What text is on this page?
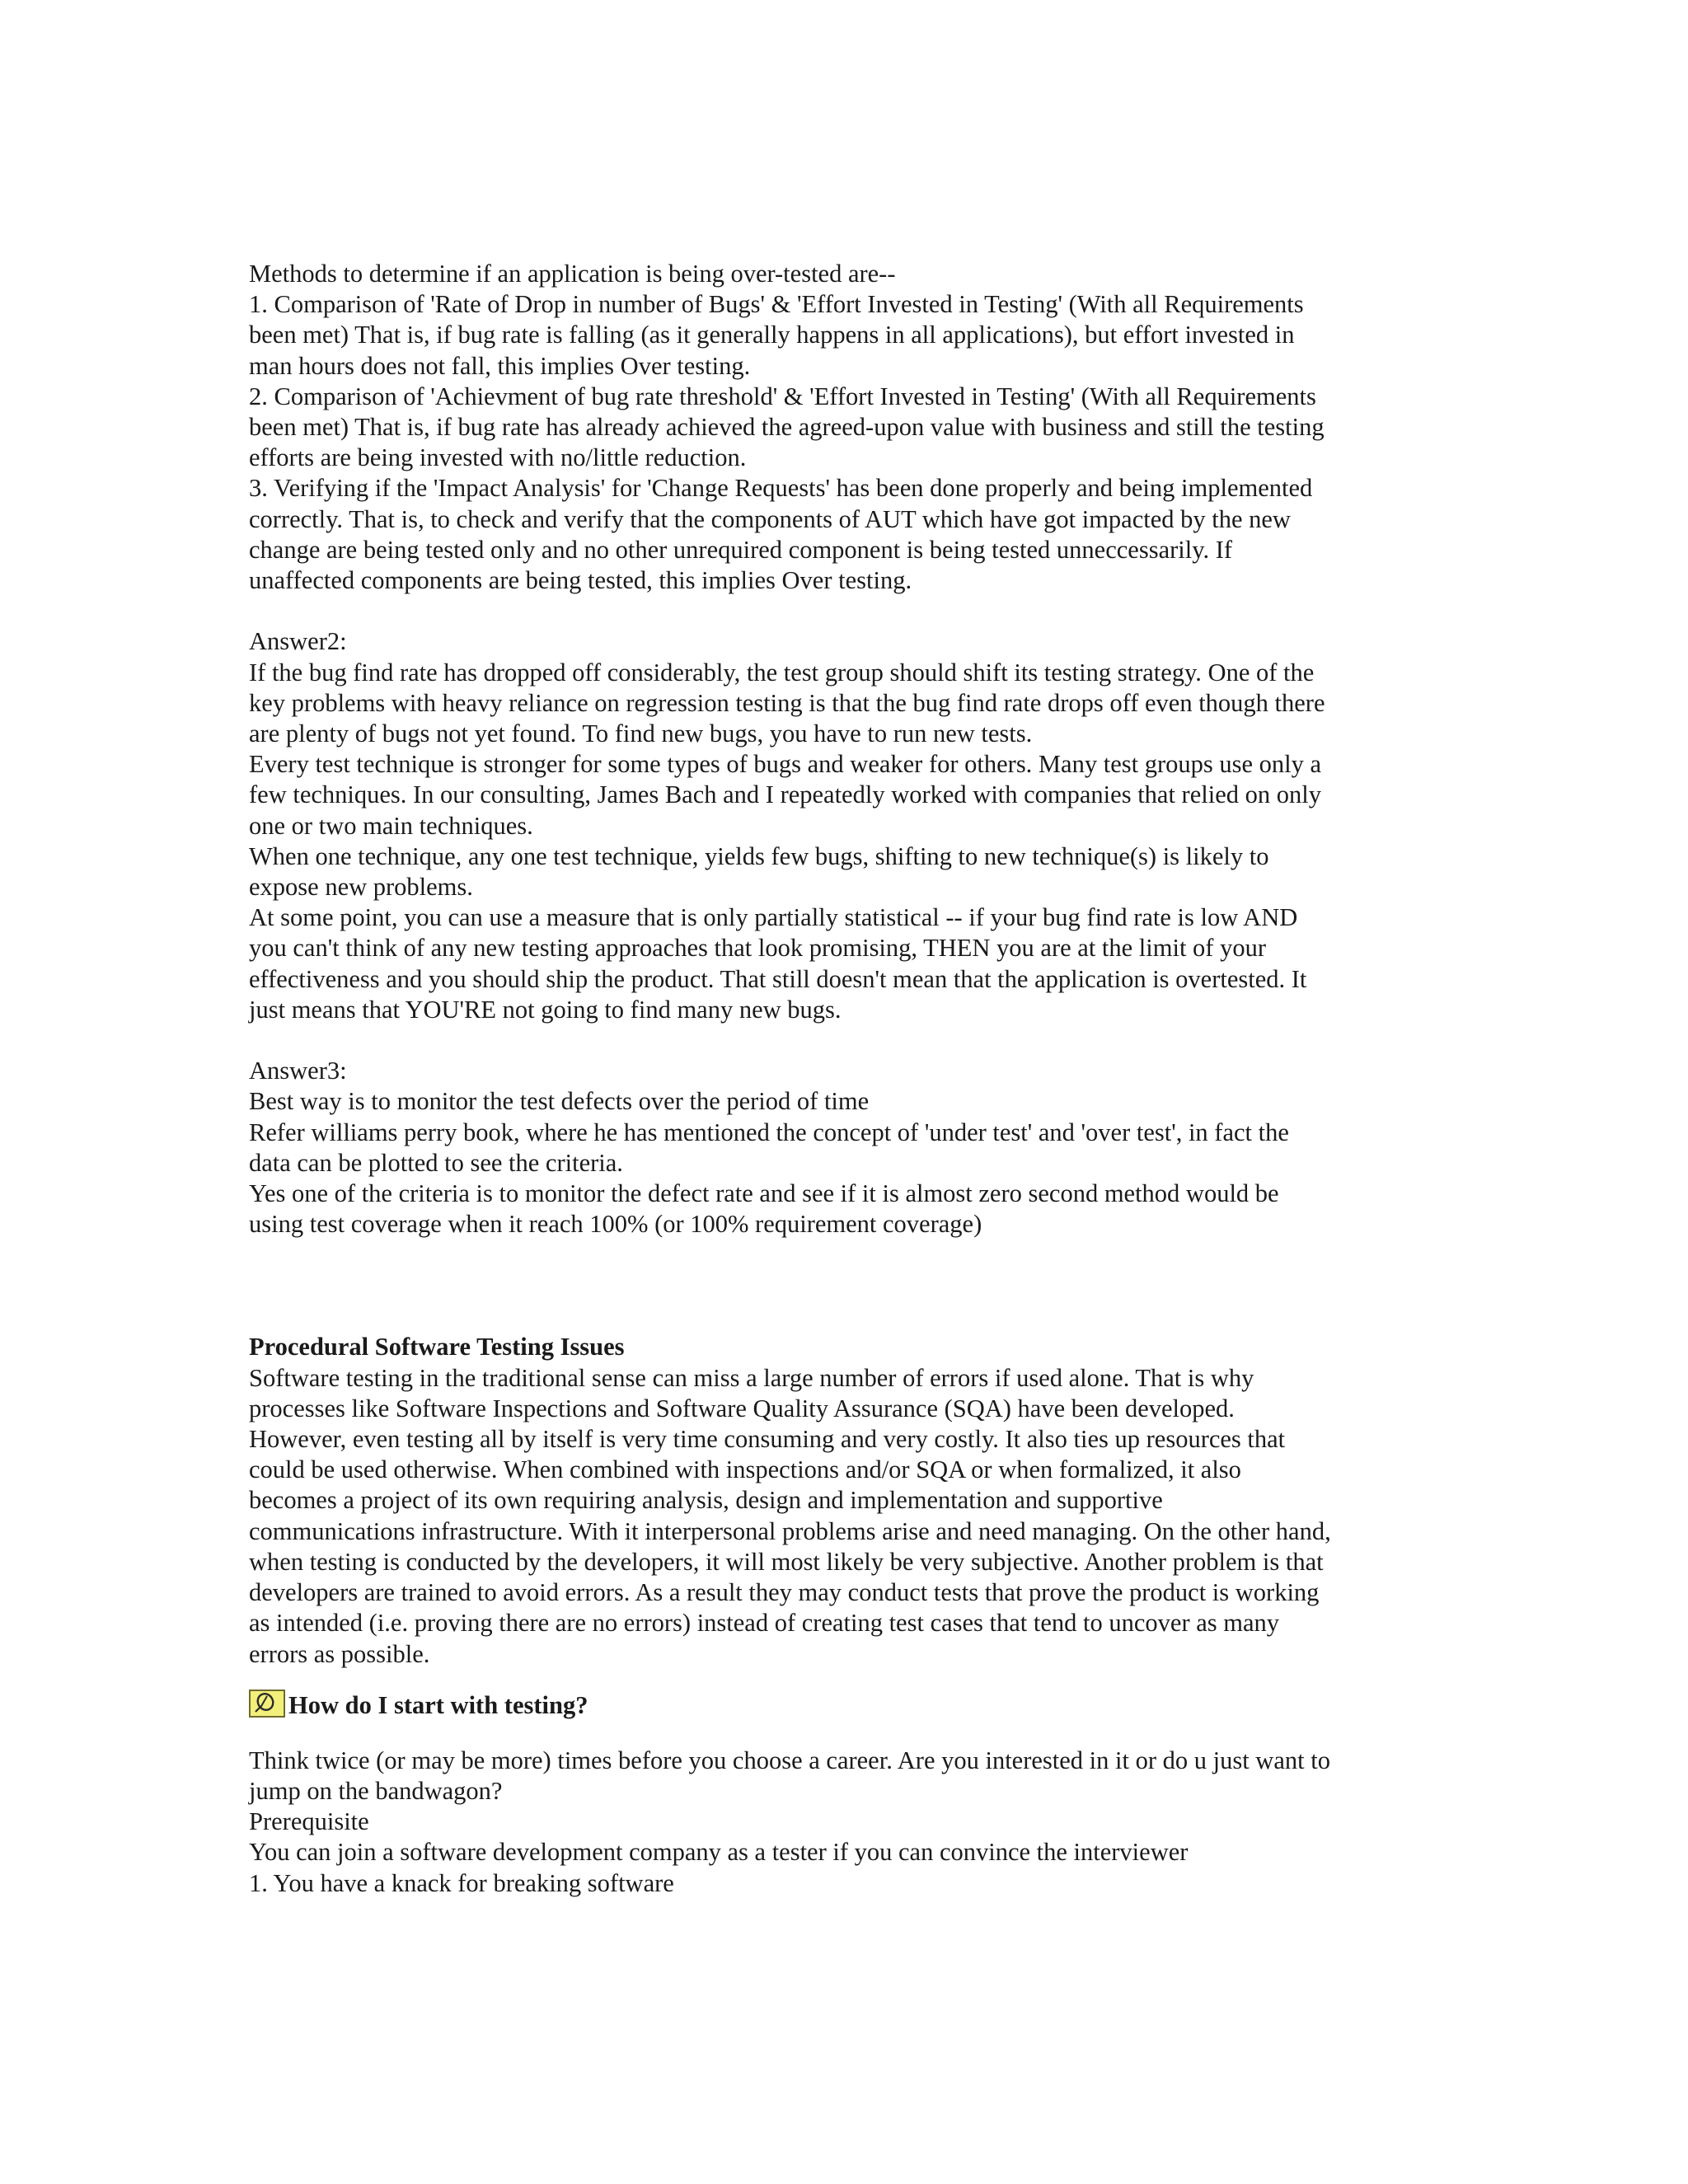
Methods to determine if an application is being over-tested are--
1. Comparison of 'Rate of Drop in number of Bugs' & 'Effort Invested in Testing' (With all Requirements
been met) That is, if bug rate is falling (as it generally happens in all applications), but effort invested in
man hours does not fall, this implies Over testing.
2. Comparison of 'Achievment of bug rate threshold' & 'Effort Invested in Testing' (With all Requirements
been met) That is, if bug rate has already achieved the agreed-upon value with business and still the testing
efforts are being invested with no/little reduction.
3. Verifying if the 'Impact Analysis' for 'Change Requests' has been done properly and being implemented
correctly. That is, to check and verify that the components of AUT which have got impacted by the new
change are being tested only and no other unrequired component is being tested unneccessarily. If
unaffected components are being tested, this implies Over testing.
Answer2:
If the bug find rate has dropped off considerably, the test group should shift its testing strategy. One of the
key problems with heavy reliance on regression testing is that the bug find rate drops off even though there
are plenty of bugs not yet found. To find new bugs, you have to run new tests.
Every test technique is stronger for some types of bugs and weaker for others. Many test groups use only a
few techniques. In our consulting, James Bach and I repeatedly worked with companies that relied on only
one or two main techniques.
When one technique, any one test technique, yields few bugs, shifting to new technique(s) is likely to
expose new problems.
At some point, you can use a measure that is only partially statistical -- if your bug find rate is low AND
you can't think of any new testing approaches that look promising, THEN you are at the limit of your
effectiveness and you should ship the product. That still doesn't mean that the application is overtested. It
just means that YOU'RE not going to find many new bugs.
Answer3:
Best way is to monitor the test defects over the period of time
Refer williams perry book, where he has mentioned the concept of 'under test' and 'over test', in fact the
data can be plotted to see the criteria.
Yes one of the criteria is to monitor the defect rate and see if it is almost zero second method would be
using test coverage when it reach 100% (or 100% requirement coverage)
Procedural Software Testing Issues
Software testing in the traditional sense can miss a large number of errors if used alone. That is why
processes like Software Inspections and Software Quality Assurance (SQA) have been developed.
However, even testing all by itself is very time consuming and very costly. It also ties up resources that
could be used otherwise. When combined with inspections and/or SQA or when formalized, it also
becomes a project of its own requiring analysis, design and implementation and supportive
communications infrastructure. With it interpersonal problems arise and need managing. On the other hand,
when testing is conducted by the developers, it will most likely be very subjective. Another problem is that
developers are trained to avoid errors. As a result they may conduct tests that prove the product is working
as intended (i.e. proving there are no errors) instead of creating test cases that tend to uncover as many
errors as possible.
How do I start with testing?
Think twice (or may be more) times before you choose a career. Are you interested in it or do u just want to
jump on the bandwagon?
Prerequisite
You can join a software development company as a tester if you can convince the interviewer
1. You have a knack for breaking software
